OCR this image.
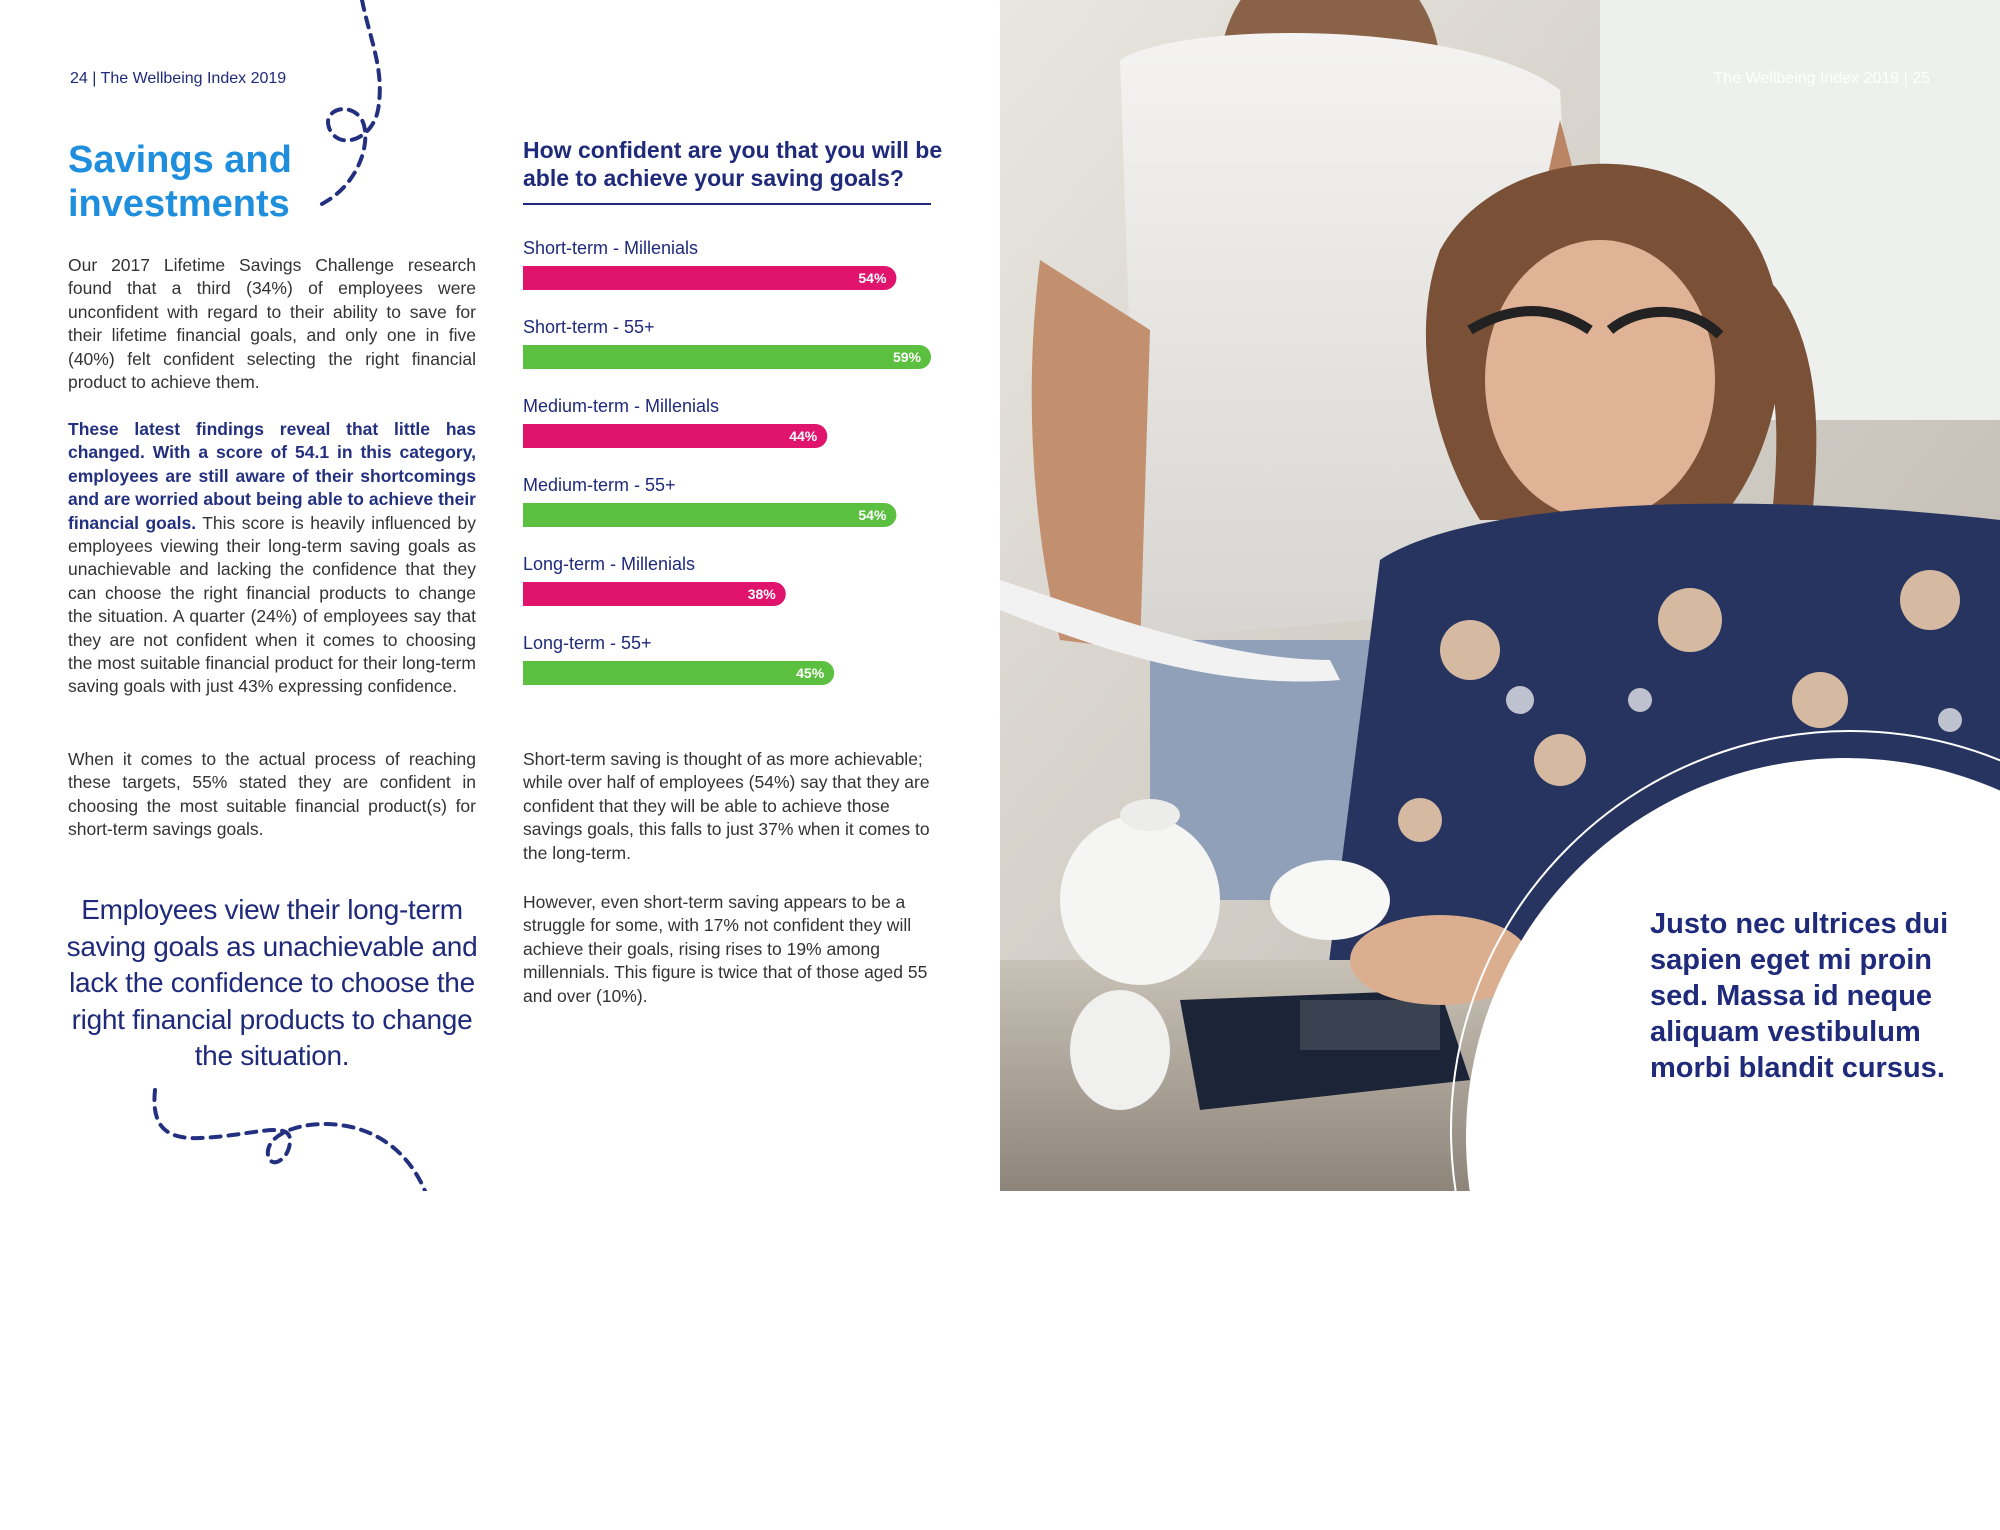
24 | The Wellbeing Index 2019
Savings and investments

Our 2017 Lifetime Savings Challenge research found that a third (34%) of employees were unconfident with regard to their ability to save for their lifetime financial goals, and only one in five (40%) felt confident selecting the right financial product to achieve them.

These latest findings reveal that little has changed. With a score of 54.1 in this category, employees are still aware of their shortcomings and are worried about being able to achieve their financial goals. This score is heavily influenced by employees viewing their long-term saving goals as unachievable and lacking the confidence that they can choose the right financial products to change the situation. A quarter (24%) of employees say that they are not confident when it comes to choosing the most suitable financial product for their long-term saving goals with just 43% expressing confidence.

When it comes to the actual process of reaching these targets, 55% stated they are confident in choosing the most suitable financial product(s) for short-term savings goals.

Employees view their long-term saving goals as unachievable and lack the confidence to choose the right financial products to change the situation.

How confident are you that you will be able to achieve your saving goals?
Short-term - Millenials
54%
Short-term - 55+
59%
Medium-term - Millenials
44%
Medium-term - 55+
54%
Long-term - Millenials
38%
Long-term - 55+
45%

Short-term saving is thought of as more achievable; while over half of employees (54%) say that they are confident that they will be able to achieve those savings goals, this falls to just 37% when it comes to the long-term.

However, even short-term saving appears to be a struggle for some, with 17% not confident they will achieve their goals, rising rises to 19% among millennials. This figure is twice that of those aged 55 and over (10%).

The Wellbeing Index 2019 | 25

Justo nec ultrices dui sapien eget mi proin sed. Massa id neque aliquam vestibulum morbi blandit cursus.
